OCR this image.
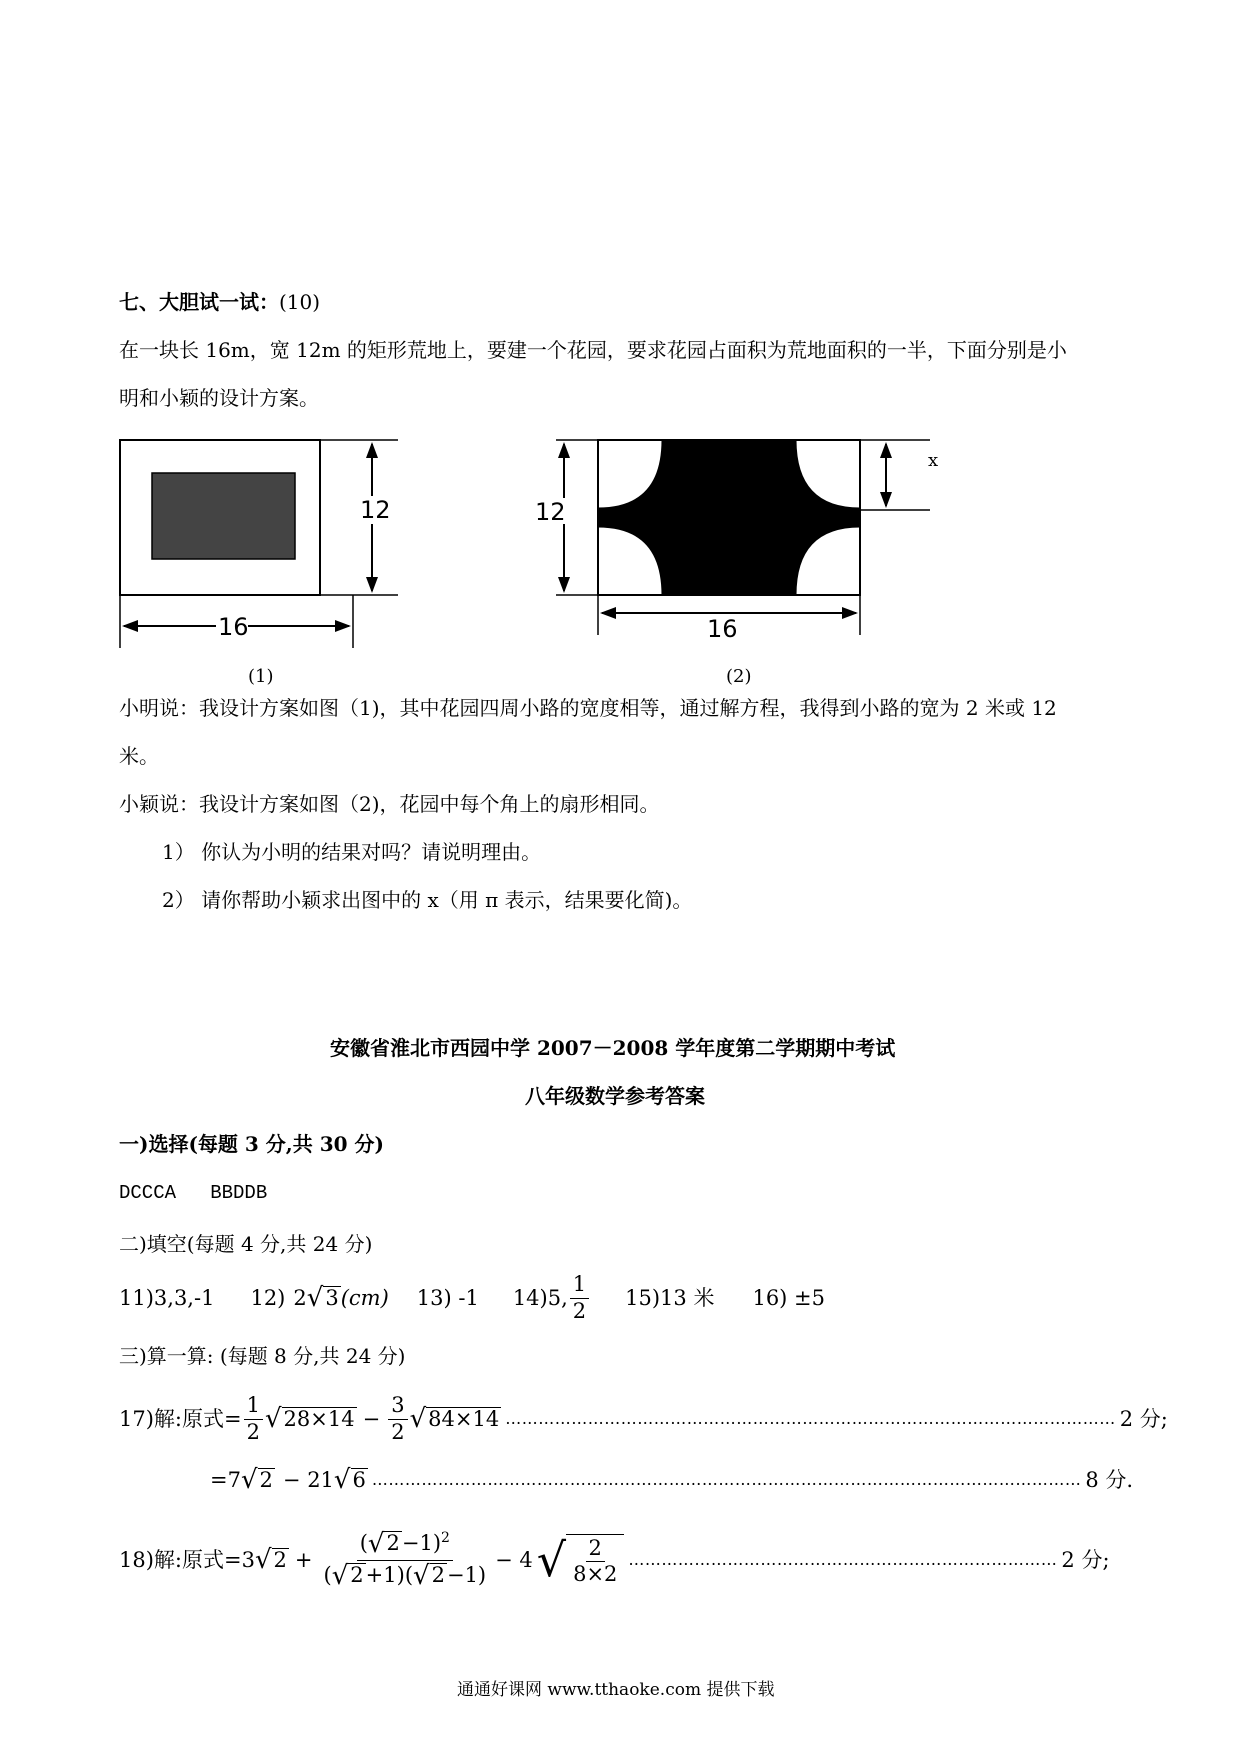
七、大胆试一试：(10)
在一块长 16m，宽 12m 的矩形荒地上，要建一个花园，要求花园占面积为荒地面积的一半，下面分别是小
明和小颖的设计方案。
12
16
(1)
12
x
16
(2)
小明说：我设计方案如图（1)，其中花园四周小路的宽度相等，通过解方程，我得到小路的宽为 2 米或 12
米。
小颖说：我设计方案如图（2)，花园中每个角上的扇形相同。
1） 你认为小明的结果对吗？请说明理由。
2） 请你帮助小颖求出图中的 x（用 π 表示，结果要化简)。
安徽省淮北市西园中学 2007－2008 学年度第二学期期中考试
八年级数学参考答案
一)选择(每题 3 分,共 30 分)
DCCCA   BBDDB
二)填空(每题 4 分,共 24 分)
11)3,3,-1 12) 2 √ 3 (cm) 13) -1 14)5, $\frac{1}{2} 15)13$ 米 16) ±5
三)算一算: (每题 8 分,共 24 分)
17)解:原式= $\frac{1}{2}$ √ $28\times 14 - \frac{3}{2}$ √ 84×14 ………………………………………………………………………………………………… 2 分;
=7 √ 2 − 21 √ 6 ………………………………………………………………………………………………………………… 8 分.
18)解:原式=3 √ $2 + \frac{(√2-1)^2}{(√2+1)(√2-1)} - 4$ √ $\frac{2}{8\times 2}$ …………………………………………………………………… 2 分;
通通好课网 www.tthaoke.com 提供下载
